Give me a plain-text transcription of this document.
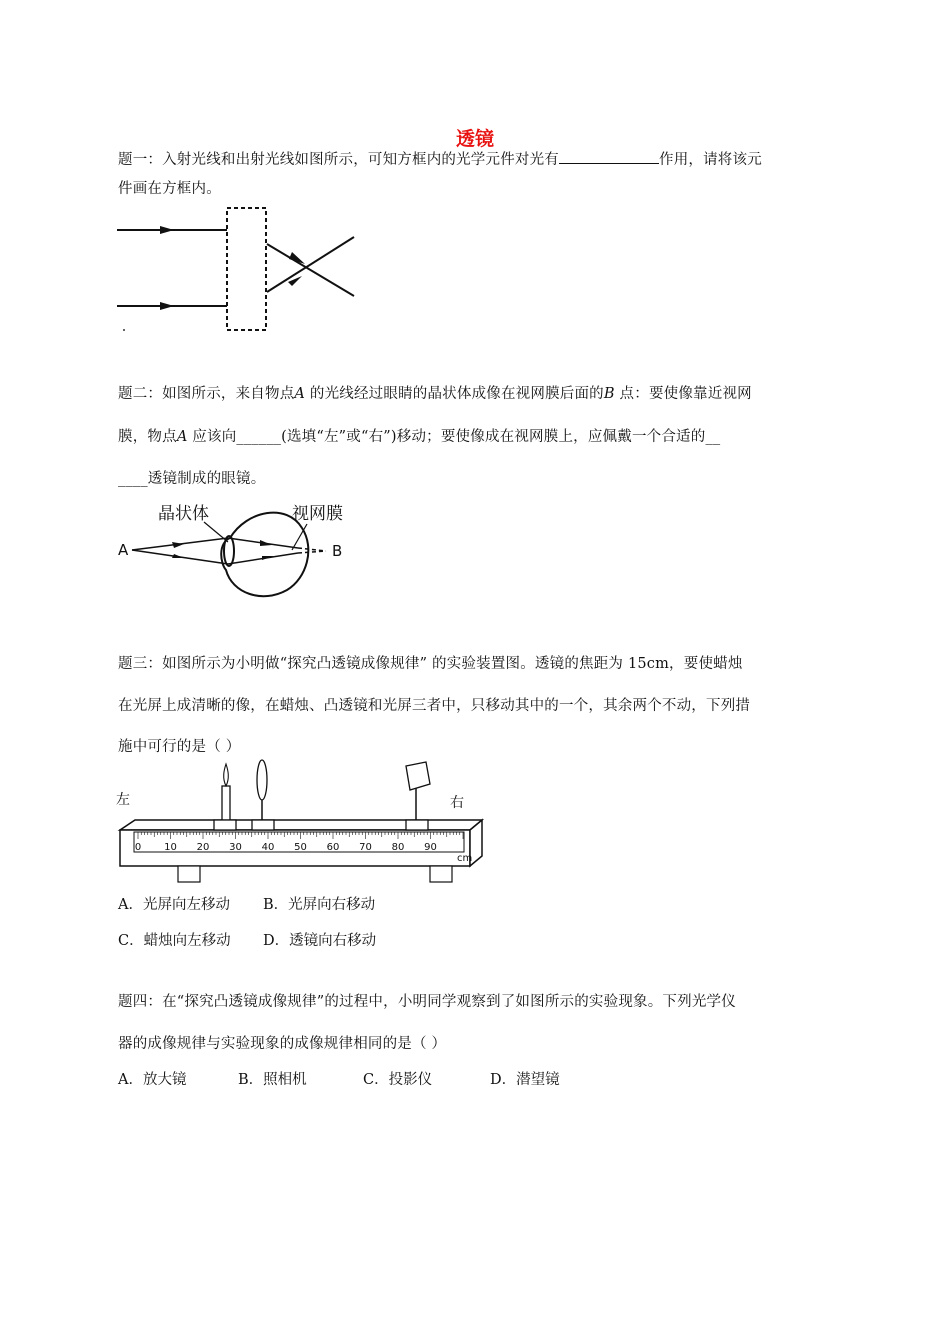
透镜
题一：入射光线和出射光线如图所示，可知方框内的光学元件对光有	作用，请将该元
件画在方框内。
题二：如图所示，来自物点A 的光线经过眼睛的晶状体成像在视网膜后面的B 点：要使像靠近视网
膜，物点A 应该向______(选填“左”或“右”)移动；要使像成在视网膜上，应佩戴一个合适的__
____透镜制成的眼镜。
晶状体	视网膜
A	B
题三：如图所示为小明做“探究凸透镜成像规律” 的实验装置图。透镜的焦距为 15cm，要使蜡烛
在光屏上成清晰的像，在蜡烛、凸透镜和光屏三者中，只移动其中的一个，其余两个不动，下列措
施中可行的是（ ）
左	右
0 10 20 30 40 50 60 70 80 90
cm
A．光屏向左移动 B．光屏向右移动
C．蜡烛向左移动 D．透镜向右移动
题四：在“探究凸透镜成像规律”的过程中，小明同学观察到了如图所示的实验现象。下列光学仪
器的成像规律与实验现象的成像规律相同的是（ ）
A．放大镜	B．照相机	C．投影仪	D．潜望镜
